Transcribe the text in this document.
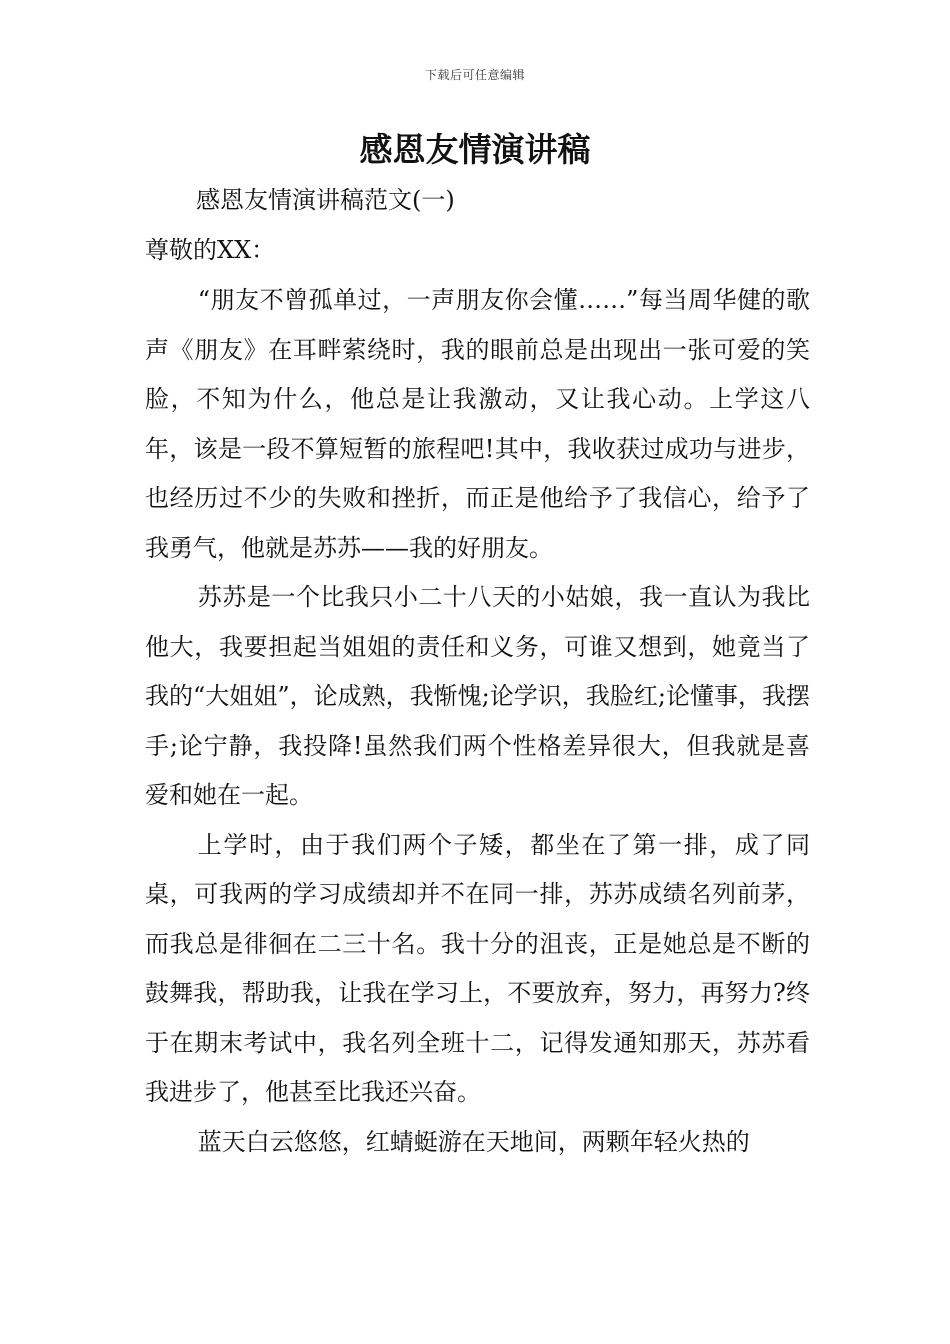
下载后可任意编辑
感恩友情演讲稿

感恩友情演讲稿范文(一)

尊敬的XX：

“朋友不曾孤单过，一声朋友你会懂……”每当周华健的歌声《朋友》在耳畔萦绕时，我的眼前总是出现出一张可爱的笑脸，不知为什么，他总是让我激动，又让我心动。上学这八年，该是一段不算短暂的旅程吧!其中，我收获过成功与进步，也经历过不少的失败和挫折，而正是他给予了我信心，给予了我勇气，他就是苏苏——我的好朋友。

苏苏是一个比我只小二十八天的小姑娘，我一直认为我比他大，我要担起当姐姐的责任和义务，可谁又想到，她竟当了我的“大姐姐”，论成熟，我惭愧;论学识，我脸红;论懂事，我摆手;论宁静，我投降!虽然我们两个性格差异很大，但我就是喜爱和她在一起。

上学时，由于我们两个子矮，都坐在了第一排，成了同桌，可我两的学习成绩却并不在同一排，苏苏成绩名列前茅，而我总是徘徊在二三十名。我十分的沮丧，正是她总是不断的鼓舞我，帮助我，让我在学习上，不要放弃，努力，再努力?终于在期末考试中，我名列全班十二，记得发通知那天，苏苏看我进步了，他甚至比我还兴奋。

蓝天白云悠悠，红蜻蜓游在天地间，两颗年轻火热的
